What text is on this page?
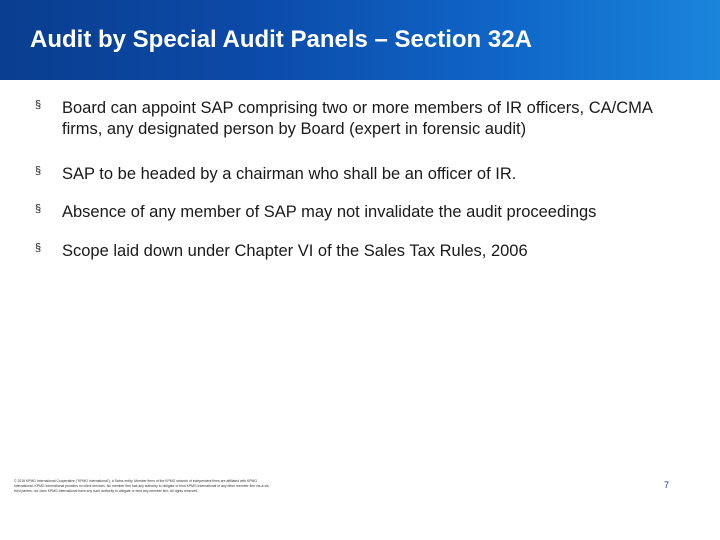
Audit by Special Audit Panels – Section 32A
§ Board can appoint SAP comprising two or more members of IR officers, CA/CMA firms, any designated person by Board (expert in forensic audit)
§ SAP to be headed by a chairman who shall be an officer of IR.
§ Absence of any member of SAP may not invalidate the audit proceedings
§ Scope laid down under Chapter VI of the Sales Tax Rules, 2006
© 2018 KPMG International Cooperative ("KPMG International"), a Swiss entity. Member firms of the KPMG network of independent firms are affiliated with KPMG International. KPMG International provides no client services. No member firm has any authority to obligate or bind KPMG International or any other member firm vis-à-vis third parties, nor does KPMG International have any such authority to obligate or bind any member firm. All rights reserved.
7
